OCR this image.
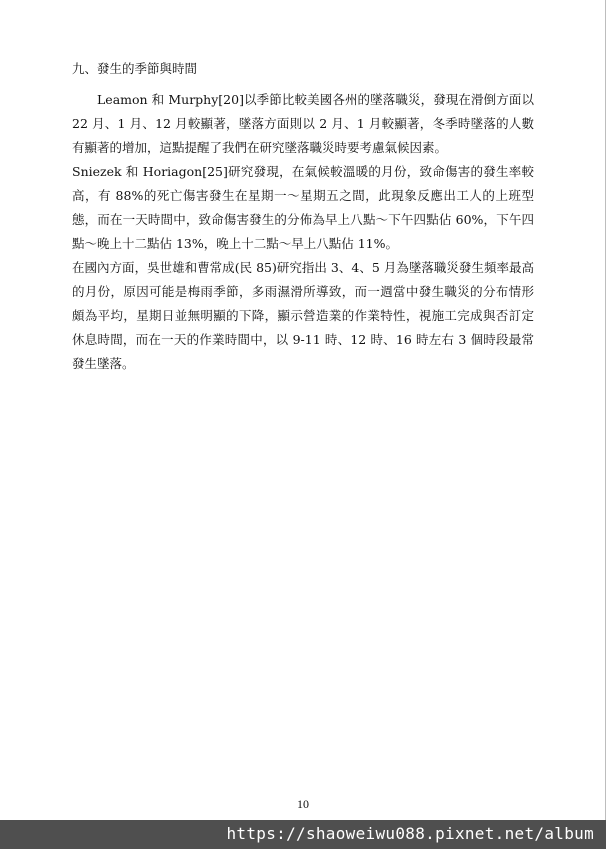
九、發生的季節與時間

Leamon 和 Murphy[20]以季節比較美國各州的墜落職災，發現在滑倒方面以 22 月、1 月、12 月較顯著，墜落方面則以 2 月、1 月較顯著，冬季時墜落的人數有顯著的增加，這點提醒了我們在研究墜落職災時要考慮氣候因素。

Sniezek 和 Horiagon[25]研究發現，在氣候較溫暖的月份，致命傷害的發生率較高，有 88%的死亡傷害發生在星期一～星期五之間，此現象反應出工人的上班型態，而在一天時間中，致命傷害發生的分佈為早上八點～下午四點佔 60%，下午四點～晚上十二點佔 13%，晚上十二點～早上八點佔 11%。

在國內方面，吳世雄和曹常成(民 85)研究指出 3、4、5 月為墜落職災發生頻率最高的月份，原因可能是梅雨季節，多雨濕滑所導致，而一週當中發生職災的分布情形頗為平均，星期日並無明顯的下降，顯示營造業的作業特性，視施工完成與否訂定休息時間，而在一天的作業時間中，以 9-11 時、12 時、16 時左右 3 個時段最常發生墜落。

10
https://shaoweiwu088.pixnet.net/album
